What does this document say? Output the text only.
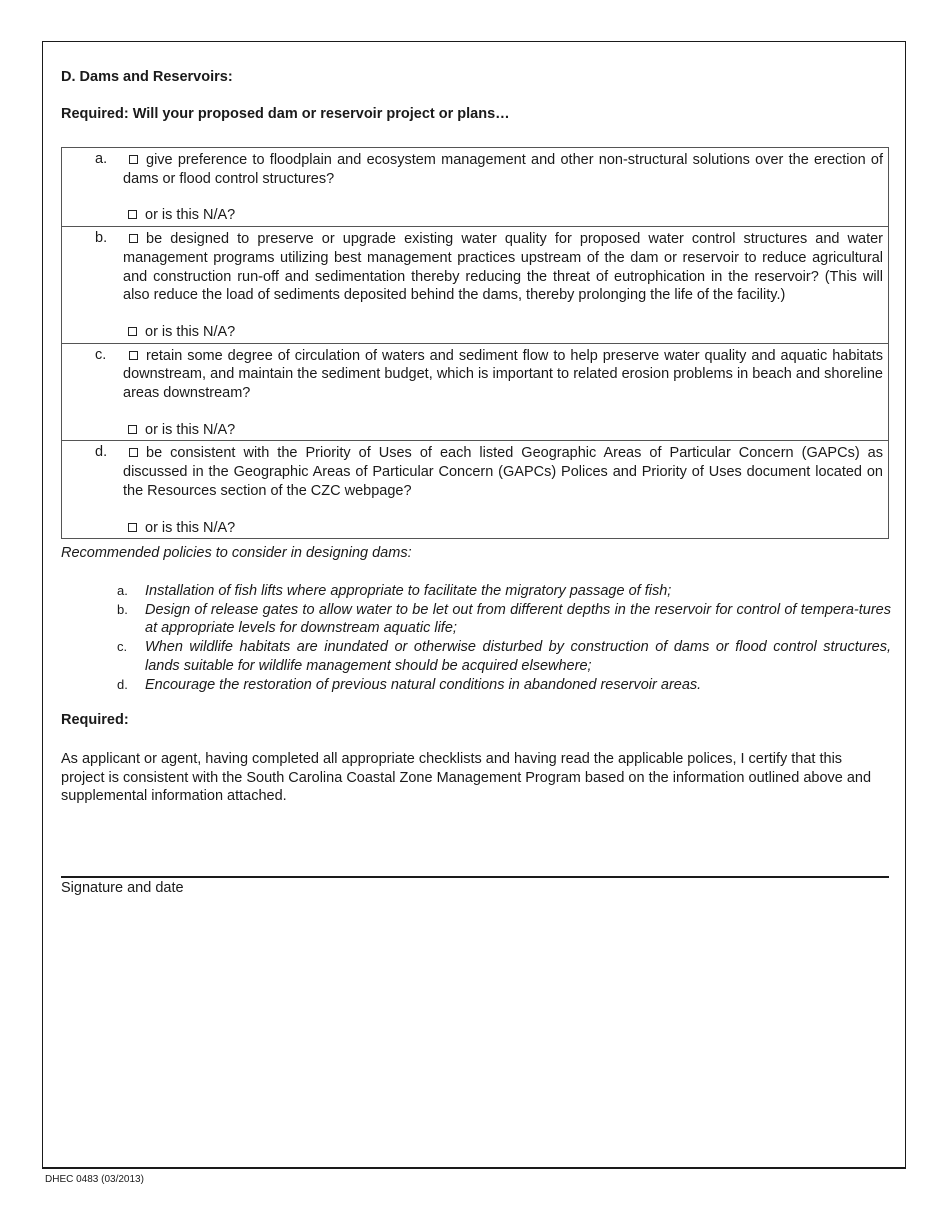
D. Dams and Reservoirs:
Required: Will your proposed dam or reservoir project or plans…
a.	give preference to floodplain and ecosystem management and other non-structural solutions over the erection of dams or flood control structures?
or is this N/A?
b.	be designed to preserve or upgrade existing water quality for proposed water control structures and water management programs utilizing best management practices upstream of the dam or reservoir to reduce agricultural and construction run-off and sedimentation thereby reducing the threat of eutrophication in the reservoir? (This will also reduce the load of sediments deposited behind the dams, thereby prolonging the life of the facility.)
or is this N/A?
c.	retain some degree of circulation of waters and sediment flow to help preserve water quality and aquatic habitats downstream, and maintain the sediment budget, which is important to related erosion problems in beach and shoreline areas downstream?
or is this N/A?
d.	be consistent with the Priority of Uses of each listed Geographic Areas of Particular Concern (GAPCs) as discussed in the Geographic Areas of Particular Concern (GAPCs) Polices and Priority of Uses document located on the Resources section of the CZC webpage?
or is this N/A?
Recommended policies to consider in designing dams:
a. Installation of fish lifts where appropriate to facilitate the migratory passage of fish;
b. Design of release gates to allow water to be let out from different depths in the reservoir for control of tempera-tures at appropriate levels for downstream aquatic life;
c. When wildlife habitats are inundated or otherwise disturbed by construction of dams or flood control structures, lands suitable for wildlife management should be acquired elsewhere;
d. Encourage the restoration of previous natural conditions in abandoned reservoir areas.
Required:
As applicant or agent, having completed all appropriate checklists and having read the applicable polices, I certify that this project is consistent with the South Carolina Coastal Zone Management Program based on the information outlined above and supplemental information attached.
Signature and date
DHEC 0483 (03/2013)
